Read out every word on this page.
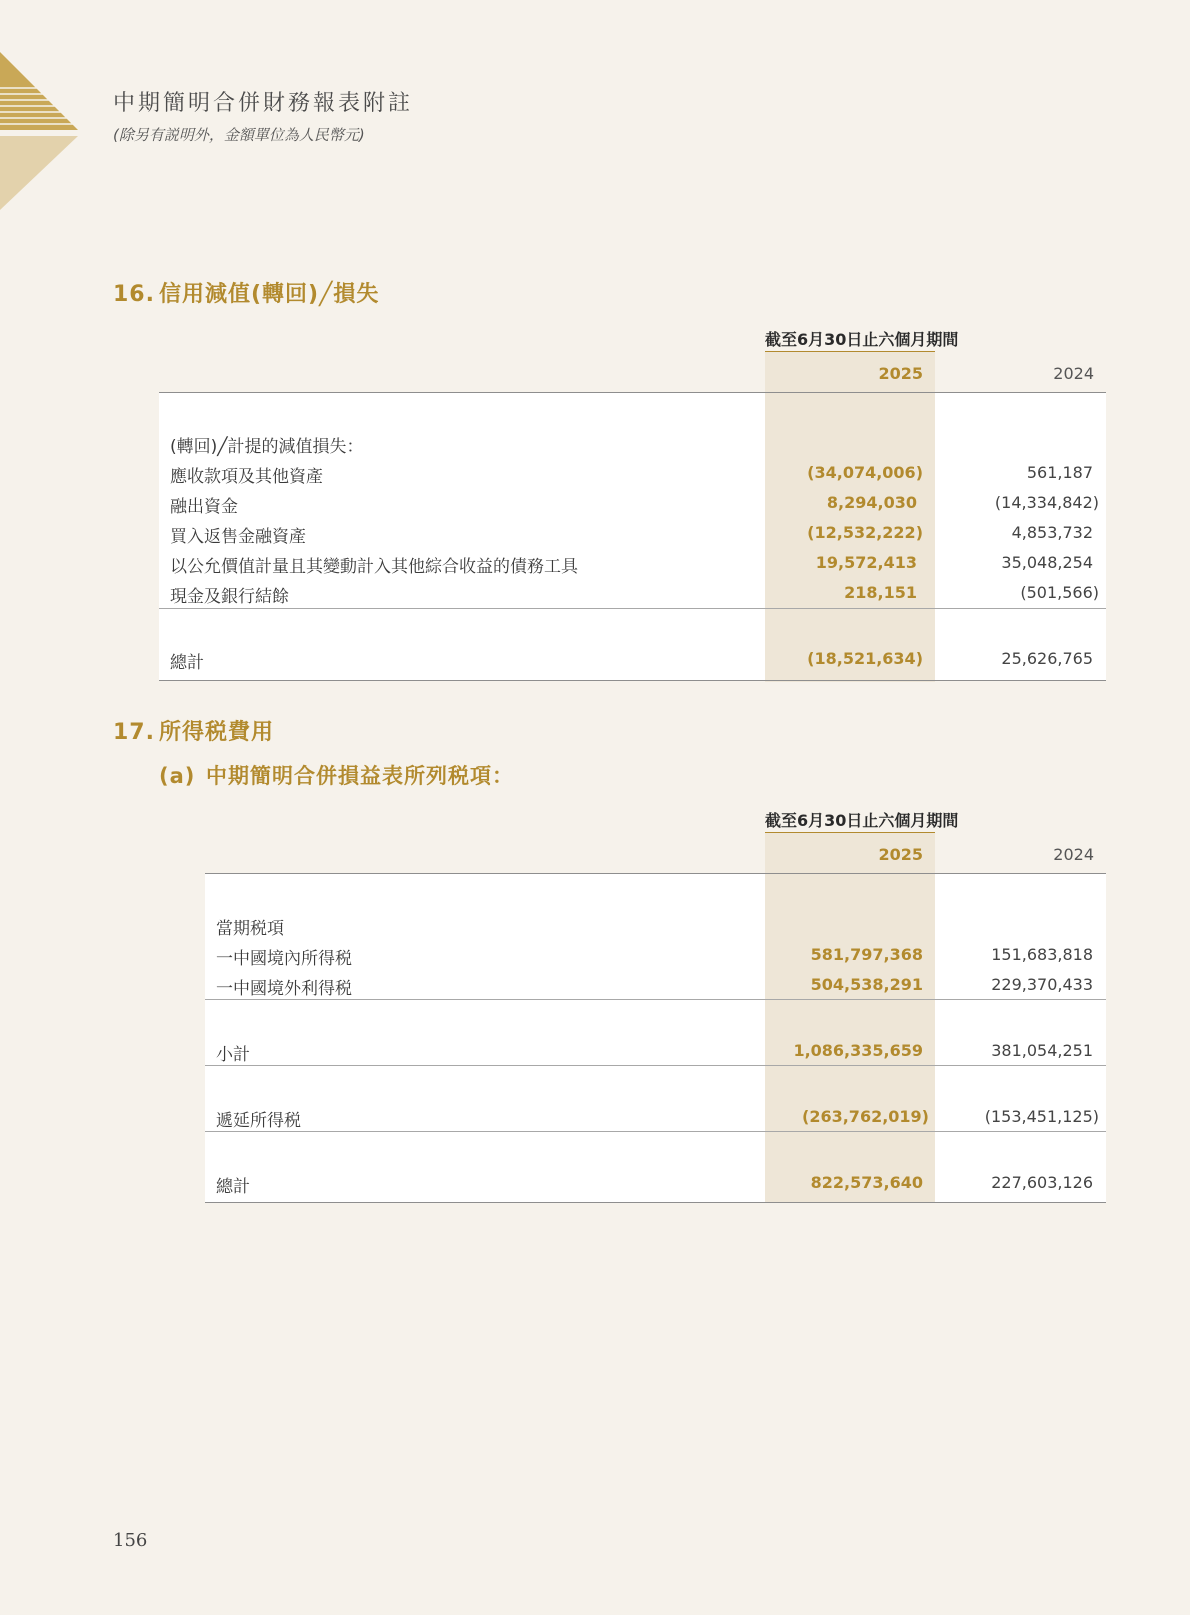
中期簡明合併財務報表附註
(除另有説明外，金額單位為人民幣元)
16. 信用減值(轉回)╱損失
截至6月30日止六個月期間
2025	2024
(轉回)╱計提的減值損失：
應收款項及其他資產	(34,074,006)	561,187
融出資金	8,294,030	(14,334,842)
買入返售金融資產	(12,532,222)	4,853,732
以公允價值計量且其變動計入其他綜合收益的債務工具	19,572,413	35,048,254
現金及銀行結餘	218,151	(501,566)
總計	(18,521,634)	25,626,765
17. 所得税費用
(a) 中期簡明合併損益表所列税項：
截至6月30日止六個月期間
2025	2024
當期税項
一中國境內所得税	581,797,368	151,683,818
一中國境外利得税	504,538,291	229,370,433
小計	1,086,335,659	381,054,251
遞延所得税	(263,762,019)	(153,451,125)
總計	822,573,640	227,603,126
156
